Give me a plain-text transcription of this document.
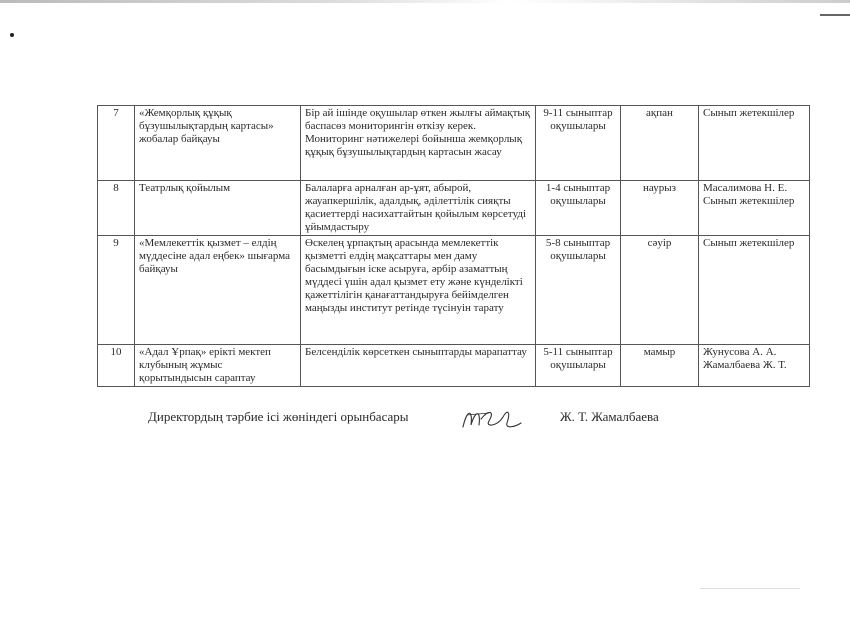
7	«Жемқорлық құқық бұзушылықтардың картасы» жобалар байқауы	Бір ай ішінде оқушылар өткен жылғы аймақтық баспасөз мониторингін өткізу керек. Мониторинг нәтижелері бойынша жемқорлық құқық бұзушылықтардың картасын жасау	9-11 сыныптар оқушылары	ақпан	Сынып жетекшілер
8	Театрлық қойылым	Балаларға арналған ар-ұят, абырой, жауапкершілік, адалдық, әділеттілік сияқты қасиеттерді насихаттайтын қойылым көрсетуді ұйымдастыру	1-4 сыныптар оқушылары	наурыз	Масалимова Н. Е. Сынып жетекшілер
9	«Мемлекеттік қызмет – елдің мүддесіне адал еңбек» шығарма байқауы	Өскелең ұрпақтың арасында мемлекеттік қызметті елдің мақсаттары мен даму басымдығын іске асыруға, әрбір азаматтың мүддесі үшін адал қызмет ету және күнделікті қажеттілігін қанағаттандыруға бейімделген маңызды институт ретінде түсінуін тарату	5-8 сыныптар оқушылары	сәуір	Сынып жетекшілер
10	«Адал Ұрпақ» ерікті мектеп клубының жұмыс қорытындысын сараптау	Белсенділік көрсеткен сыныптарды марапаттау	5-11 сыныптар оқушылары	мамыр	Жунусова А. А. Жамалбаева Ж. Т.
Директордың тәрбие ісі жөніндегі орынбасары	Ж. Т. Жамалбаева
